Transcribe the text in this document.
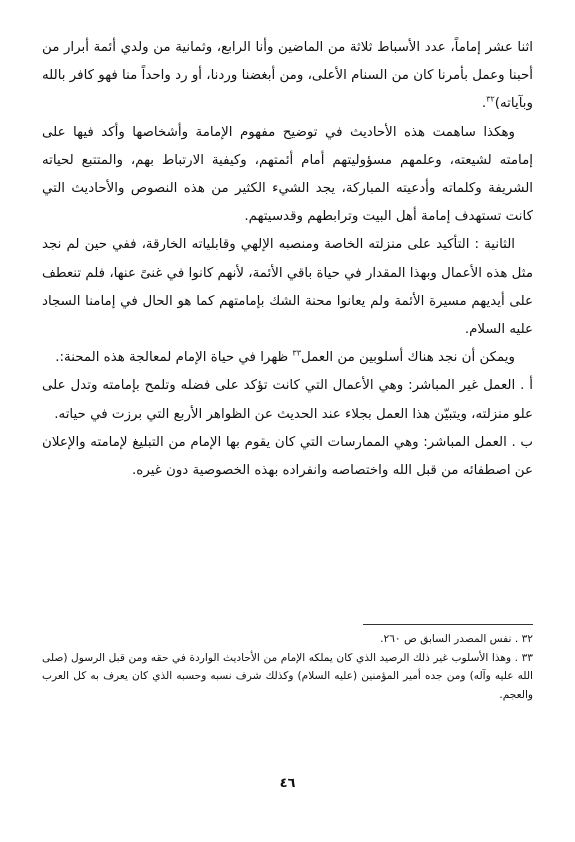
اثنا عشر إماماً، عدد الأسباط ثلاثة من الماضين وأنا الرابع، وثمانية من ولدي أئمة أبرار من أحبنا وعمل بأمرنا كان من السنام الأعلى، ومن أبغضنا وردنا، أو رد واحداً منا فهو كافر بالله وبآياته)$^{٣٢}$.

وهكذا ساهمت هذه الأحاديث في توضيح مفهوم الإمامة وأشخاصها وأكد فيها على إمامته لشيعته، وعلمهم مسؤوليتهم أمام أئمتهم، وكيفية الارتباط بهم، والمتتبع لحياته الشريفة وكلماته وأدعيته المباركة، يجد الشيء الكثير من هذه النصوص والأحاديث التي كانت تستهدف إمامة أهل البيت وترابطهم وقدسيتهم.

الثانية : التأكيد على منزلته الخاصة ومنصبه الإلهي وقابلياته الخارقة، ففي حين لم نجد مثل هذه الأعمال وبهذا المقدار في حياة باقي الأئمة، لأنهم كانوا في غنىً عنها، فلم تنعطف على أيديهم مسيرة الأئمة ولم يعانوا محنة الشك بإمامتهم كما هو الحال في إمامنا السجاد عليه السلام.

ويمكن أن نجد هناك أسلوبين من العمل$^{٣٣}$ ظهرا في حياة الإمام لمعالجة هذه المحنة:.

أ . العمل غير المباشر: وهي الأعمال التي كانت تؤكد على فضله وتلمح بإمامته وتدل على علو منزلته، ويتبيّن هذا العمل بجلاء عند الحديث عن الظواهر الأربع التي برزت في حياته.

ب . العمل المباشر: وهي الممارسات التي كان يقوم بها الإمام من التبليغ لإمامته والإعلان عن اصطفائه من قبل الله واختصاصه وانفراده بهذه الخصوصية دون غيره.

٣٢ . نفس المصدر السابق ص ٢٦٠.

٣٣ . وهذا الأسلوب غير ذلك الرصيد الذي كان يملكه الإمام من الأحاديث الواردة في حقه ومن قبل الرسول (صلى الله عليه وآله) ومن جده أمير المؤمنين (عليه السلام) وكذلك شرف نسبه وحسبه الذي كان يعرف به كل العرب والعجم.

٤٦
